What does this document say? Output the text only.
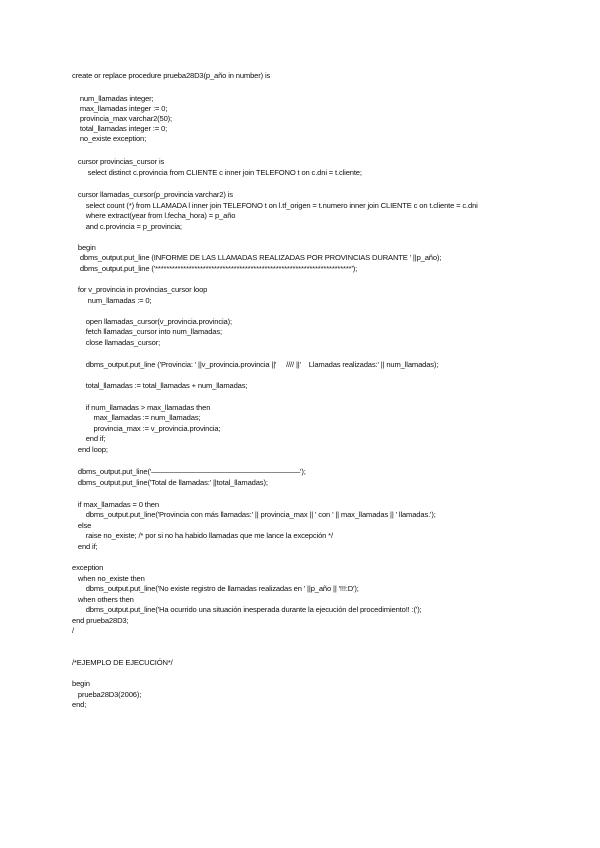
create or replace procedure prueba28D3(p_año in number) is
num_llamadas integer;
max_llamadas integer := 0;
provincia_max varchar2(50);
total_llamadas integer := 0;
no_existe exception;
cursor provincias_cursor is
select distinct c.provincia from CLIENTE c inner join TELEFONO t on c.dni = t.cliente;
cursor llamadas_cursor(p_provincia varchar2) is
select count (*) from LLAMADA l inner join TELEFONO t on l.tf_origen = t.numero inner join CLIENTE c on t.cliente = c.dni
where extract(year from l.fecha_hora) = p_año
and c.provincia = p_provincia;
begin
dbms_output.put_line (INFORME DE LAS LLAMADAS REALIZADAS POR PROVINCIAS DURANTE ' ||p_año);
dbms_output.put_line ('**********************************************************************');
for v_provincia in provincias_cursor loop
num_llamadas := 0;
open llamadas_cursor(v_provincia.provincia);
fetch llamadas_cursor into num_llamadas;
close llamadas_cursor;
dbms_output.put_line ('Provincia: ' ||v_provincia.provincia ||'     //// ||'    Llamadas realizadas:' || num_llamadas);
total_llamadas := total_llamadas + num_llamadas;
if num_llamadas > max_llamadas then
max_llamadas := num_llamadas;
provincia_max := v_provincia.provincia;
end if;
end loop;
dbms_output.put_line('————————————————————');
dbms_output.put_line('Total de llamadas:' ||total_llamadas);
if max_llamadas = 0 then
dbms_output.put_line('Provincia con más llamadas:' || provincia_max || ' con ' || max_llamadas || ' llamadas.');
else
raise no_existe; /* por si no ha habido llamadas que me lance la excepción */
end if;
exception
when no_existe then
dbms_output.put_line('No existe registro de llamadas realizadas en ' ||p_año || '!!!:D');
when others then
dbms_output.put_line('Ha ocurrido una situación inesperada durante la ejecución del procedimiento!! :(');
end prueba28D3;
/
/*EJEMPLO DE EJECUCIÓN*/
begin
prueba28D3(2006);
end;
